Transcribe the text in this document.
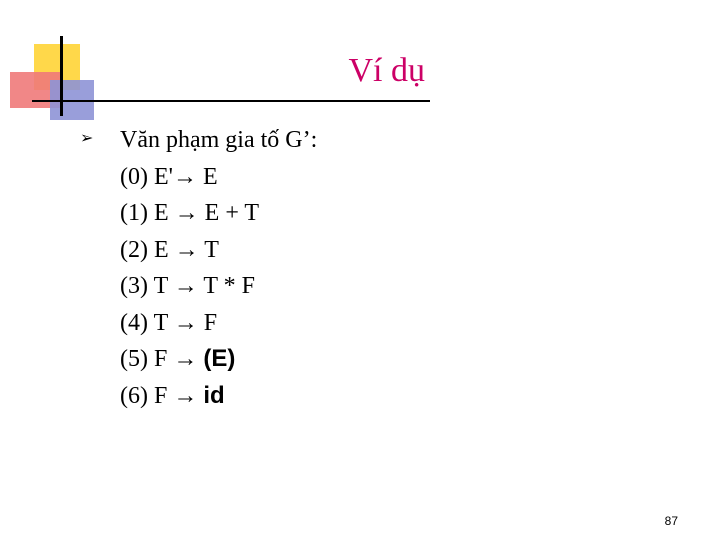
Ví dụ
➢ Văn phạm gia tố G’:
(0) E'→ E
(1) E → E + T
(2) E → T
(3) T → T * F
(4) T → F
(5) F → (E)
(6) F → id
87
